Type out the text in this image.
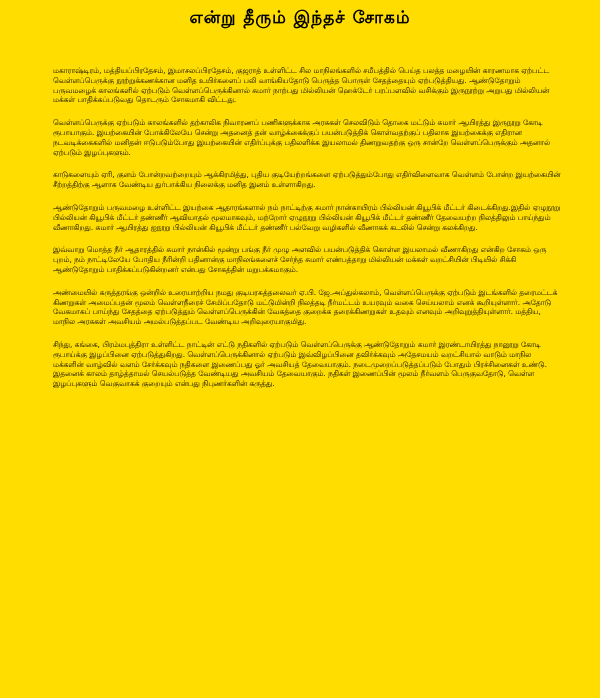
என்று தீரும் இந்தச் சோகம்

மகாராஷ்டிரம், மத்தியப்பிரதேசம், இமாசலப்பிரதேசம், குஜராத் உள்ளிட்ட சில மாநிலங்களில் சமீபத்தில் பெய்த பலத்த மழையின் காரணமாக ஏற்பட்ட வெள்ளப்பெருக்கு நூற்றுக்கணக்கான மனித உயிர்களைப் பலி வாங்கியதோடு பெருத்த பொருள் சேதத்தையும் ஏற்படுத்தியது. ஆண்டுதோறும் பருவமழைக் காலங்களில் ஏற்படும் வெள்ளப்பெருக்கினால் சுமார் நாற்பது மில்லியன் ஹெக்டேர் பரப்பளவில் வசிக்கும் இருநூற்று அறுபது மில்லியன் மக்கள் பாதிக்கப்படுவது தொடரும் சோகமாகி விட்டது.

வெள்ளப்பெருக்கு ஏற்படும் காலங்களில் தற்காலிக நிவாரணப் பணிகளுக்காக அரசுகள் செலவிடும் தொகை மட்டும் சுமார் ஆயிரத்து இருநூறு கோடி ரூபாயாகும். இயற்கையின் போக்கிலேயே சென்று அதனைத் தன் வாழ்க்கைக்குப் பயன்படுத்திக் கொள்வதற்குப் பதிலாக இயற்கைக்கு எதிரான நடவடிக்கைகளில் மனிதன் ஈடுபடும்போது இயற்கையின் எதிர்ப்புக்கு பதிலளிக்க இயலாமல் திணறுவதற்கு ஒரு சான்றே வெள்ளப்பெருக்கும் அதனால் ஏற்படும் இழப்புகளும்.

காடுகளையும் ஏரி, குளம் போன்றவற்றையும் ஆக்கிரமித்து, புதிய குடியேற்றங்களை ஏற்படுத்தும்போது எதிர்விளைவாக வெள்ளம் போன்ற இயற்கையின் சீற்றத்திற்கு ஆளாக வேண்டிய துர்பாக்கிய நிலைக்கு மனித இனம் உள்ளாகிறது.

ஆண்டுதோறும் பருவமழை உள்ளிட்ட இயற்கை ஆதாரங்களால் நம் நாட்டிற்கு சுமார் நான்காயிரம் பில்லியன் கியூபிக் மீட்டர் கிடைக்கிறது.இதில் ஏழுநூறு பில்லியன் கியூபிக் மீட்டர் தண்ணீர் ஆவியாதல் மூலமாகவும், மற்றோர் ஏழுநூறு பில்லியன் கியூபிக் மீட்டர் தண்ணீர் தேவையற்ற நிலத்திலும் பாய்ந்தும் வீணாகிறது. சுமார் ஆயிரத்து ஐநூறு பில்லியன் கியூபிக் மீட்டர் தண்ணீர் பல்வேறு வழிகளில் வீணாகக் கடலில் சென்று கலக்கிறது.

இவ்வாறு மொத்த நீர் ஆதாரத்தில் சுமார் நான்கில் மூன்று பங்கு நீர் முழு அளவில் பயன்படுத்திக் கொள்ள இயலாமல் வீணாகிறது என்கிற சோகம் ஒரு புறம், நம் நாட்டிலேயே போதிய நீரின்றி பதினான்கு மாநிலங்களைச் சேர்ந்த சுமார் எண்பத்தாறு மில்லியன் மக்கள் வறட்சியின் பிடியில் சிக்கி ஆண்டுதோறும் பாதிக்கப்படுகின்றனர் என்பது சோகத்தின் மறுபக்கமாகும்.

அண்மையில் கருத்தரங்கு ஒன்றில் உரையாற்றிய நமது குடியரசுத்தலைவர் ஏ.பி. ஜே.அப்துல்கலாம், வெள்ளப்பெருக்கு ஏற்படும் இடங்களில் தரைமட்டக் கிணறுகள் அமைப்பதன் மூலம் வெள்ளநீரைச் சேமிப்பதோடு மட்டுமின்றி நிலத்தடி நீர்மட்டம் உயரவும் வகை செய்யலாம் எனக் கூறியுள்ளார். அதோடு வேகமாகப் பாய்ந்து சேதத்தை ஏற்படுத்தும் வெள்ளப்பெருக்கின் வேகத்தை குறைக்க தரைக்கிணறுகள் உதவும் எனவும் அறிவுறுத்தியுள்ளார். மத்திய, மாநில அரசுகள் அவசியம் அமல்படுத்தப்பட வேண்டிய அறிவுரையாகுமிது.

சிந்து, கங்கை, பிரம்மபுத்திரா உள்ளிட்ட நாட்டின் எட்டு நதிகளில் ஏற்படும் வெள்ளப்பெருக்கு ஆண்டுதோறும் சுமார் இரண்டாயிரத்து நானூறு கோடி ரூபாய்க்கு இழப்பினை ஏற்படுத்துகிறது. வெள்ளப்பெருக்கினால் ஏற்படும் இவ்விழப்பினை தவிர்க்கவும் அதேசமயம் வறட்சியால் வாடும் மாநில மக்களின் வாழ்வில் வளம் சேர்க்கவும் நதிகளை இணைப்பது ஓர் அவசியத் தேவையாகும். நடைமுறைப்படுத்தப்படும் போதும் பிரச்சினைகள் உண்டு. இதனைக் காலம் தாழ்த்தாமல் செயல்படுத்த வேண்டியது அவசியம் தேவையாகும். நதிகள் இணைப்பின் மூலம் நீர்வளம் பெருகுவதோடு, வெள்ள இழப்புகளும் வெகுவாகக் குறையும் என்பது நிபுணர்களின் கருத்து.
